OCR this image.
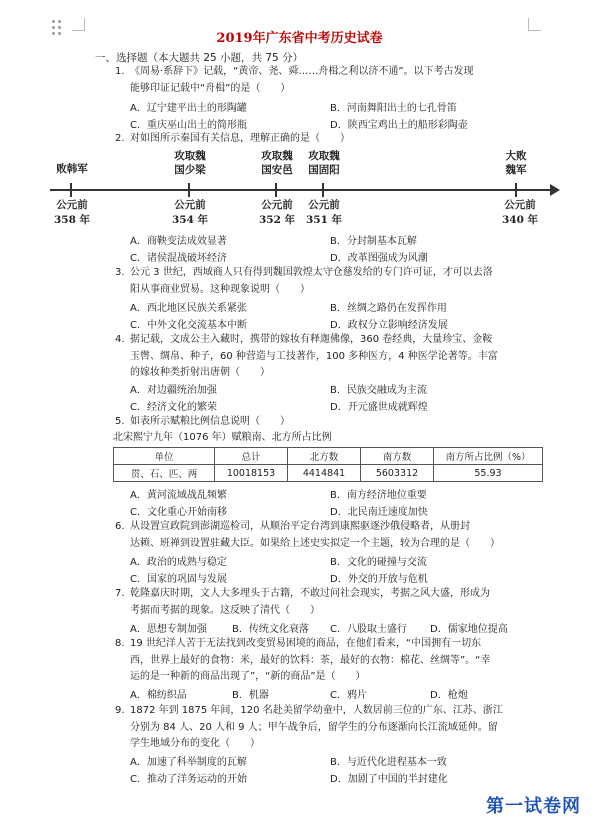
2019年广东省中考历史试卷
一、选择题（本大题共 25 小题，共 75 分）
1. 《周易·系辞下》记载，“黄帝、尧、舜……舟楫之利以济不通”。以下考古发现
能够印证记载中“舟楫”的是（　　）
A．辽宁建平出土的形陶罐	B．河南舞阳出土的七孔骨笛
C．重庆巫山出土的简形瓶	D．陕西宝鸡出土的船形彩陶壶
2. 对如图所示秦国有关信息，理解正确的是（　　）
败韩军
攻取魏
国少梁
攻取魏
国安邑
攻取魏
国固阳
大败
魏军
公元前
358 年
公元前
354 年
公元前
352 年
公元前
351 年
公元前
340 年
A．商鞅变法成效显著	B．分封制基本瓦解
C．诸侯混战破坏经济	D．改革图强成为风潮
3. 公元 3 世纪，西域商人只有得到魏国敦煌太守仓慈发给的专门许可证，才可以去洛
阳从事商业贸易。这种现象说明（　　）
A．西北地区民族关系紧张	B．丝绸之路仍在发挥作用
C．中外文化交流基本中断	D．政权分立影响经济发展
4. 据记载，文成公主入藏时，携带的嫁妆有释迦佛像，360 卷经典，大量珍宝、金鞍
玉辔、绸帛、种子，60 种营造与工技著作，100 多种医方，4 种医学论著等。丰富
的嫁妆种类折射出唐朝（　　）
A．对边疆统治加强	B．民族交融成为主流
C．经济文化的繁荣	D．开元盛世成就辉煌
5. 如表所示赋粮比例信息说明（　　）
北宋熙宁九年（1076 年）赋粮南、北方所占比例
单位	总计	北方数	南方数	南方所占比例（%）
贯、石、匹、两	10018153	4414841	5603312	55.93
A．黄河流域战乱频繁	B．南方经济地位重要
C．文化重心开始南移	D．北民南迁速度加快
6. 从设置宣政院到澎湖巡检司，从顺治平定台湾到康熙驱逐沙俄侵略者，从册封
达赖、班禅到设置驻藏大臣。如果给上述史实拟定一个主题，较为合理的是（　　）
A．政治的成熟与稳定	B．文化的碰撞与交流
C．国家的巩固与发展	D．外交的开放与危机
7. 乾隆嘉庆时期，文人大多埋头于古籍，不敢过问社会现实，考据之风大盛，形成为
考据而考据的现象。这反映了清代（　　）
A．思想专制加强	B．传统文化衰落 C．八股取士盛行 D．儒家地位提高
8. 19 世纪洋人苦于无法找到改变贸易困境的商品，在他们看来，“中国拥有一切东
西，世界上最好的食物：米，最好的饮料：茶，最好的衣物：棉花、丝绸等”。“幸
运的是一种新的商品出现了”，“新的商品”是（　　）
A．棉纺织品	B．机器	C．鸦片	D．枪炮
9. 1872 年到 1875 年间，120 名赴美留学幼童中，人数居前三位的广东、江苏、浙江
分别为 84 人、20 人和 9 人；甲午战争后，留学生的分布逐渐向长江流域延伸。留
学生地域分布的变化（　　）
A．加速了科举制度的瓦解	B．与近代化进程基本一致
C．推动了洋务运动的开始	D．加剧了中国的半封建化
第一试卷网
